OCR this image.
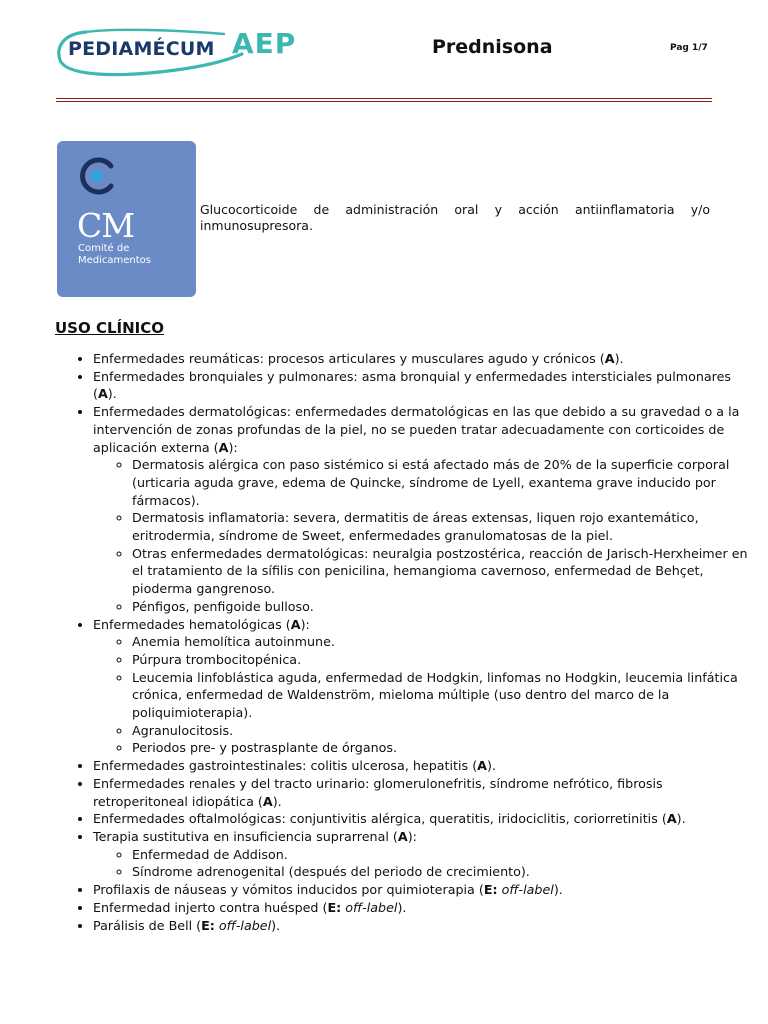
PEDIAMÉCUM AEP	Prednisona	Pag 1/7
CM
Comité de
Medicamentos
Glucocorticoide de administración oral y acción antiinflamatoria y/o inmunosupresora.
USO CLÍNICO
• Enfermedades reumáticas: procesos articulares y musculares agudo y crónicos (A).
• Enfermedades bronquiales y pulmonares: asma bronquial y enfermedades intersticiales pulmonares (A).
• Enfermedades dermatológicas: enfermedades dermatológicas en las que debido a su gravedad o a la intervención de zonas profundas de la piel, no se pueden tratar adecuadamente con corticoides de aplicación externa (A):
◦ Dermatosis alérgica con paso sistémico si está afectado más de 20% de la superficie corporal (urticaria aguda grave, edema de Quincke, síndrome de Lyell, exantema grave inducido por fármacos).
◦ Dermatosis inflamatoria: severa, dermatitis de áreas extensas, liquen rojo exantemático, eritrodermia, síndrome de Sweet, enfermedades granulomatosas de la piel.
◦ Otras enfermedades dermatológicas: neuralgia postzostérica, reacción de Jarisch-Herxheimer en el tratamiento de la sífilis con penicilina, hemangioma cavernoso, enfermedad de Behçet, pioderma gangrenoso.
◦ Pénfigos, penfigoide bulloso.
• Enfermedades hematológicas (A):
◦ Anemia hemolítica autoinmune.
◦ Púrpura trombocitopénica.
◦ Leucemia linfoblástica aguda, enfermedad de Hodgkin, linfomas no Hodgkin, leucemia linfática crónica, enfermedad de Waldenström, mieloma múltiple (uso dentro del marco de la poliquimioterapia).
◦ Agranulocitosis.
◦ Periodos pre- y postrasplante de órganos.
• Enfermedades gastrointestinales: colitis ulcerosa, hepatitis (A).
• Enfermedades renales y del tracto urinario: glomerulonefritis, síndrome nefrótico, fibrosis retroperitoneal idiopática (A).
• Enfermedades oftalmológicas: conjuntivitis alérgica, queratitis, iridociclitis, coriorretinitis (A).
• Terapia sustitutiva en insuficiencia suprarrenal (A):
◦ Enfermedad de Addison.
◦ Síndrome adrenogenital (después del periodo de crecimiento).
• Profilaxis de náuseas y vómitos inducidos por quimioterapia (E: off-label).
• Enfermedad injerto contra huésped (E: off-label).
• Parálisis de Bell (E: off-label).
